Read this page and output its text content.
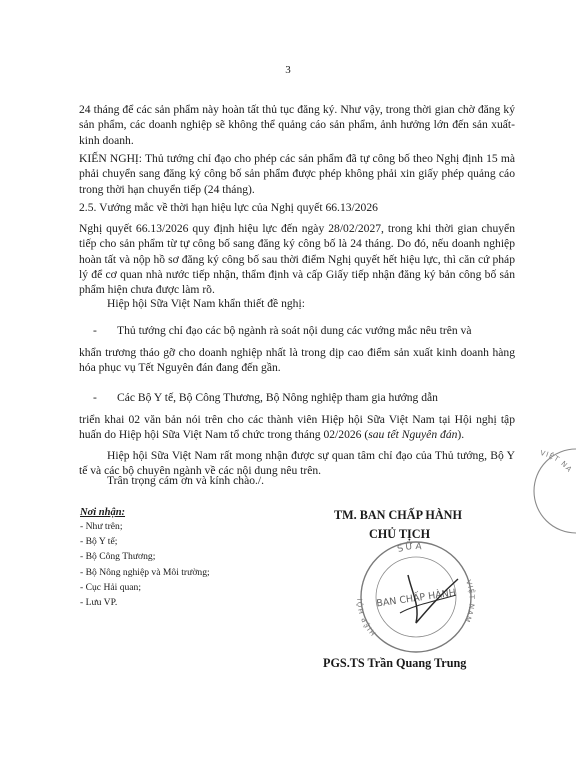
3

24 tháng để các sản phẩm này hoàn tất thủ tục đăng ký. Như vậy, trong thời gian chờ đăng ký sản phẩm, các doanh nghiệp sẽ không thể quảng cáo sản phẩm, ảnh hưởng lớn đến sản xuất-kinh doanh.

KIẾN NGHỊ: Thủ tướng chỉ đạo cho phép các sản phẩm đã tự công bố theo Nghị định 15 mà phải chuyển sang đăng ký công bố sản phẩm được phép không phải xin giấy phép quảng cáo trong thời hạn chuyển tiếp (24 tháng).

2.5. Vướng mắc về thời hạn hiệu lực của Nghị quyết 66.13/2026

Nghị quyết 66.13/2026 quy định hiệu lực đến ngày 28/02/2027, trong khi thời gian chuyển tiếp cho sản phẩm từ tự công bố sang đăng ký công bố là 24 tháng. Do đó, nếu doanh nghiệp hoàn tất và nộp hồ sơ đăng ký công bố sau thời điểm Nghị quyết hết hiệu lực, thì căn cứ pháp lý để cơ quan nhà nước tiếp nhận, thẩm định và cấp Giấy tiếp nhận đăng ký bản công bố sản phẩm hiện chưa được làm rõ.

Hiệp hội Sữa Việt Nam khẩn thiết đề nghị:

- Thủ tướng chỉ đạo các bộ ngành rà soát nội dung các vướng mắc nêu trên và

khẩn trương tháo gỡ cho doanh nghiệp nhất là trong dịp cao điểm sản xuất kinh doanh hàng hóa phục vụ Tết Nguyên đán đang đến gần.

- Các Bộ Y tế, Bộ Công Thương, Bộ Nông nghiệp tham gia hướng dẫn

triển khai 02 văn bản nói trên cho các thành viên Hiệp hội Sữa Việt Nam tại Hội nghị tập huấn do Hiệp hội Sữa Việt Nam tổ chức trong tháng 02/2026 (sau tết Nguyên đán).

Hiệp hội Sữa Việt Nam rất mong nhận được sự quan tâm chỉ đạo của Thủ tướng, Bộ Y tế và các bộ chuyên ngành về các nội dung nêu trên.

Trân trọng cám ơn và kính chào./.

Nơi nhận:
- Như trên;
- Bộ Y tế;
- Bộ Công Thương;
- Bộ Nông nghiệp và Môi trường;
- Cục Hải quan;
- Lưu VP.
TM. BAN CHẤP HÀNH
CHỦ TỊCH
SỮA
HIỆP HỘI
VIỆT NAM
BAN CHẤP HÀNH
PGS.TS Trần Quang Trung
VIỆT NA
